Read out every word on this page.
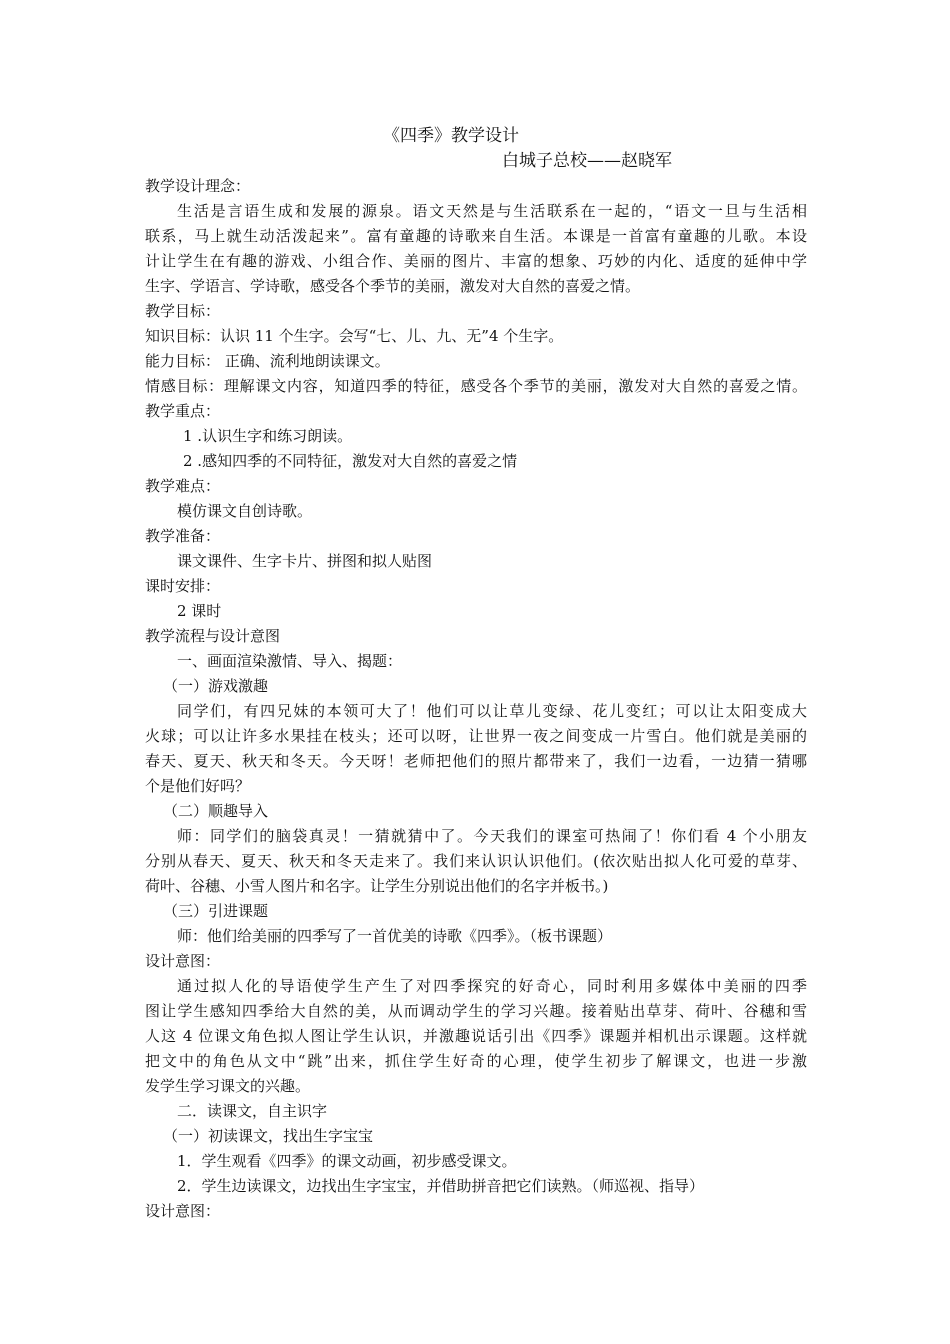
《四季》教学设计
白城子总校——赵晓军
教学设计理念：
生活是言语生成和发展的源泉。语文天然是与生活联系在一起的，“语文一旦与生活相
联系，马上就生动活泼起来”。富有童趣的诗歌来自生活。本课是一首富有童趣的儿歌。本设
计让学生在有趣的游戏、小组合作、美丽的图片、丰富的想象、巧妙的内化、适度的延伸中学
生字、学语言、学诗歌，感受各个季节的美丽，激发对大自然的喜爱之情。
教学目标：
知识目标：认识 11 个生字。会写“七、儿、九、无”4 个生字。
能力目标： 正确、流利地朗读课文。
情感目标：理解课文内容，知道四季的特征，感受各个季节的美丽，激发对大自然的喜爱之情。
教学重点：
1 .认识生字和练习朗读。
2 .感知四季的不同特征，激发对大自然的喜爱之情
教学难点：
模仿课文自创诗歌。
教学准备：
课文课件、生字卡片、拼图和拟人贴图
课时安排：
2 课时
教学流程与设计意图
一、画面渲染激情、导入、揭题：
（一）游戏激趣
同学们，有四兄妹的本领可大了！他们可以让草儿变绿、花儿变红；可以让太阳变成大
火球；可以让许多水果挂在枝头；还可以呀，让世界一夜之间变成一片雪白。他们就是美丽的
春天、夏天、秋天和冬天。今天呀！老师把他们的照片都带来了，我们一边看，一边猜一猜哪
个是他们好吗？
（二）顺趣导入
师：同学们的脑袋真灵！一猜就猜中了。今天我们的课室可热闹了！你们看 4 个小朋友
分别从春天、夏天、秋天和冬天走来了。我们来认识认识他们。(依次贴出拟人化可爱的草芽、
荷叶、谷穗、小雪人图片和名字。让学生分别说出他们的名字并板书。)
（三）引进课题
师：他们给美丽的四季写了一首优美的诗歌《四季》。（板书课题）
设计意图：
通过拟人化的导语使学生产生了对四季探究的好奇心，同时利用多媒体中美丽的四季
图让学生感知四季给大自然的美，从而调动学生的学习兴趣。接着贴出草芽、荷叶、谷穗和雪
人这 4 位课文角色拟人图让学生认识，并激趣说话引出《四季》课题并相机出示课题。这样就
把文中的角色从文中“跳”出来，抓住学生好奇的心理，使学生初步了解课文，也进一步激
发学生学习课文的兴趣。
二．读课文，自主识字
（一）初读课文，找出生字宝宝
1．学生观看《四季》的课文动画，初步感受课文。
2．学生边读课文，边找出生字宝宝，并借助拼音把它们读熟。（师巡视、指导）
设计意图：
